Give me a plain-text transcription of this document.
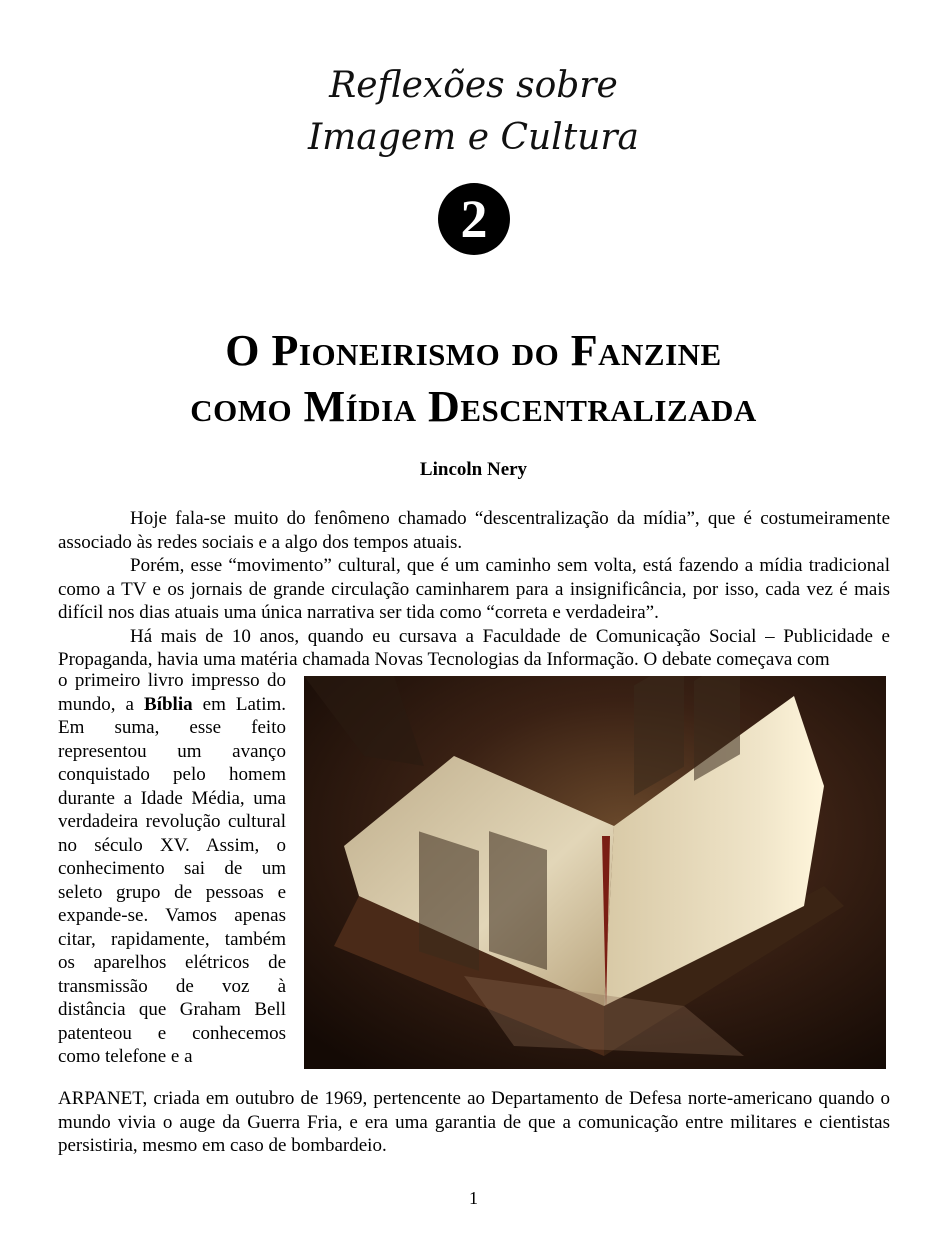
Reflexões sobre
Imagem e Cultura
2
O Pioneirismo do Fanzine
como Mídia Descentralizada
Lincoln Nery

Hoje fala-se muito do fenômeno chamado “descentralização da mídia”, que é costumeiramente associado às redes sociais e a algo dos tempos atuais.

Porém, esse “movimento” cultural, que é um caminho sem volta, está fazendo a mídia tradicional como a TV e os jornais de grande circulação caminharem para a insignificância, por isso, cada vez é mais difícil nos dias atuais uma única narrativa ser tida como “correta e verdadeira”.

Há mais de 10 anos, quando eu cursava a Faculdade de Comunicação Social – Publicidade e Propaganda, havia uma matéria chamada Novas Tecnologias da Informação. O debate começava com

o primeiro livro impresso do mundo, a Bíblia em Latim. Em suma, esse feito representou um avanço conquistado pelo homem durante a Idade Média, uma verdadeira revolução cultural no século XV. Assim, o conhecimento sai de um seleto grupo de pessoas e expande-se. Vamos apenas citar, rapidamente, também os aparelhos elétricos de transmissão de voz à distância que Graham Bell patenteou e conhecemos como telefone e a
ARPANET, criada em outubro de 1969, pertencente ao Departamento de Defesa norte-americano quando o mundo vivia o auge da Guerra Fria, e era uma garantia de que a comunicação entre militares e cientistas persistiria, mesmo em caso de bombardeio.
1
